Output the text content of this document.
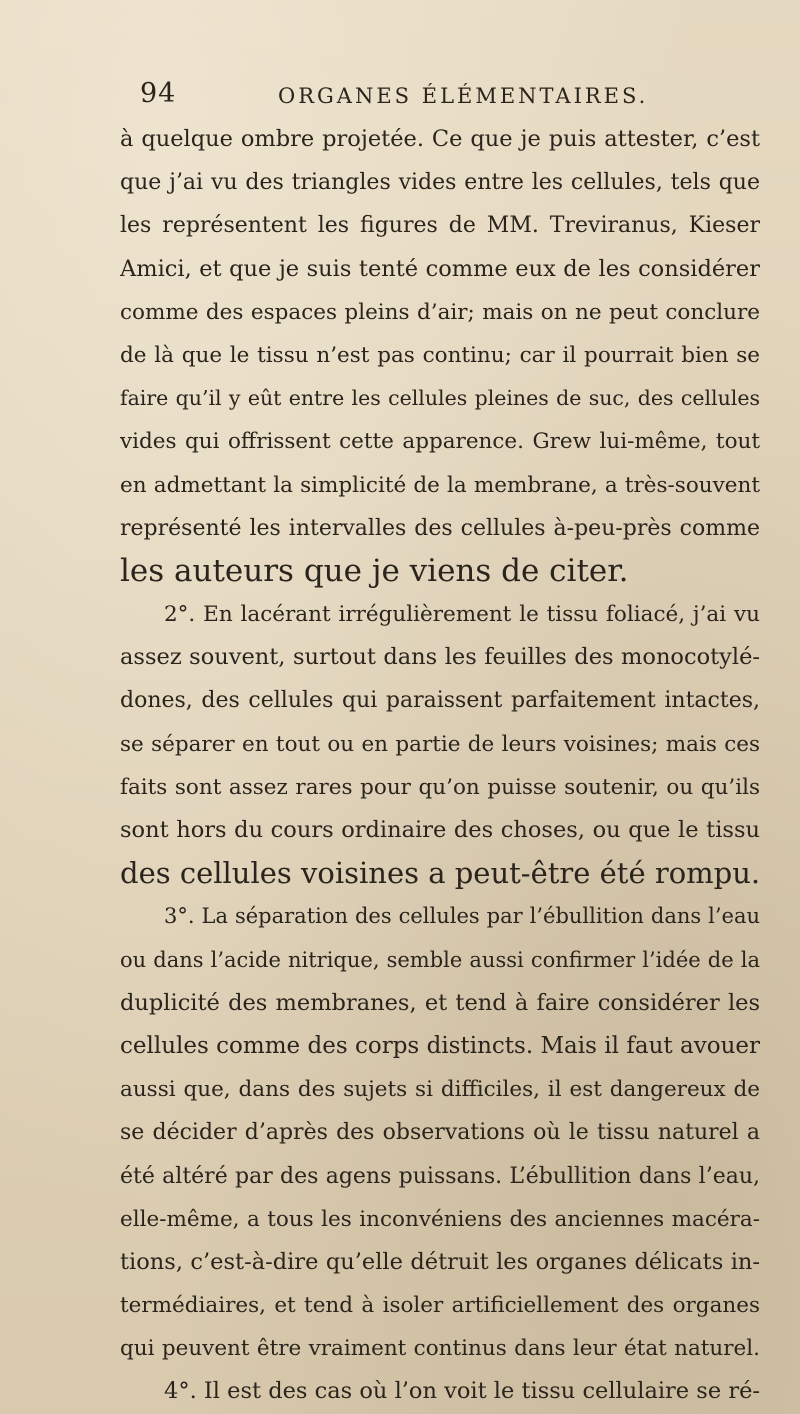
94	ORGANES ÉLÉMENTAIRES.
à quelque ombre projetée. Ce que je puis attester, c’est
que j’ai vu des triangles vides entre les cellules, tels que
les représentent les figures de MM. Treviranus, Kieser
Amici, et que je suis tenté comme eux de les considérer
comme des espaces pleins d’air; mais on ne peut conclure
de là que le tissu n’est pas continu; car il pourrait bien se
faire qu’il y eût entre les cellules pleines de suc, des cellules
vides qui offrissent cette apparence. Grew lui-même, tout
en admettant la simplicité de la membrane, a très-souvent
représenté les intervalles des cellules à-peu-près comme
les auteurs que je viens de citer.
2°. En lacérant irrégulièrement le tissu foliacé, j’ai vu
assez souvent, surtout dans les feuilles des monocotylé-
dones, des cellules qui paraissent parfaitement intactes,
se séparer en tout ou en partie de leurs voisines; mais ces
faits sont assez rares pour qu’on puisse soutenir, ou qu’ils
sont hors du cours ordinaire des choses, ou que le tissu
des cellules voisines a peut-être été rompu.
3°. La séparation des cellules par l’ébullition dans l’eau
ou dans l’acide nitrique, semble aussi confirmer l’idée de la
duplicité des membranes, et tend à faire considérer les
cellules comme des corps distincts. Mais il faut avouer
aussi que, dans des sujets si difficiles, il est dangereux de
se décider d’après des observations où le tissu naturel a
été altéré par des agens puissans. L’ébullition dans l’eau,
elle-même, a tous les inconvéniens des anciennes macéra-
tions, c’est-à-dire qu’elle détruit les organes délicats in-
termédiaires, et tend à isoler artificiellement des organes
qui peuvent être vraiment continus dans leur état naturel.
4°. Il est des cas où l’on voit le tissu cellulaire se ré-
